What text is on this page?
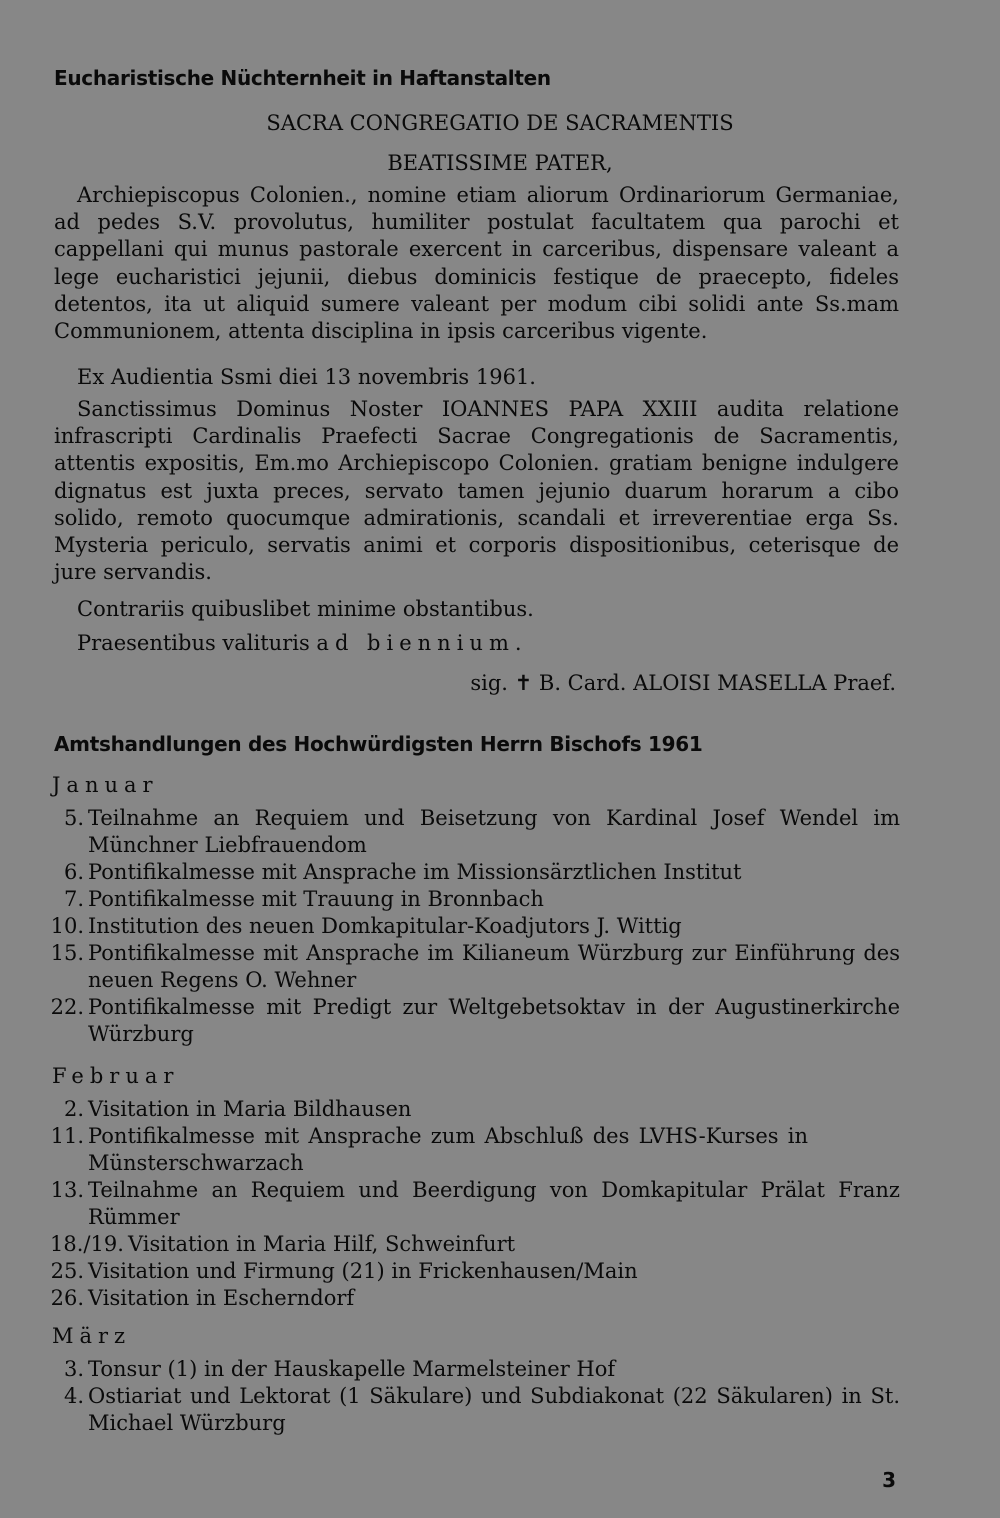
Eucharistische Nüchternheit in Haftanstalten
SACRA CONGREGATIO DE SACRAMENTIS
BEATISSIME PATER,
Archiepiscopus Colonien., nomine etiam aliorum Ordinariorum Germaniae, ad pedes S.V. provolutus, humiliter postulat facultatem qua parochi et cappellani qui munus pastorale exercent in carceribus, dispensare valeant a lege eucharistici jejunii, diebus dominicis festique de praecepto, fideles detentos, ita ut aliquid sumere valeant per modum cibi solidi ante Ss.mam Communionem, attenta disciplina in ipsis carceribus vigente.
Ex Audientia Ssmi diei 13 novembris 1961.
Sanctissimus Dominus Noster IOANNES PAPA XXIII audita relatione infrascripti Cardinalis Praefecti Sacrae Congregationis de Sacramentis, attentis expositis, Em.mo Archiepiscopo Colonien. gratiam benigne indulgere dignatus est juxta preces, servato tamen jejunio duarum horarum a cibo solido, remoto quocumque admirationis, scandali et irreverentiae erga Ss. Mysteria periculo, servatis animi et corporis dispositionibus, ceterisque de jure servandis.
Contrariis quibuslibet minime obstantibus.
Praesentibus valituris ad biennium.
sig. ✝ B. Card. ALOISI MASELLA Praef.
Amtshandlungen des Hochwürdigsten Herrn Bischofs 1961
Januar
5. Teilnahme an Requiem und Beisetzung von Kardinal Josef Wendel im Münchner Liebfrauendom
6. Pontifikalmesse mit Ansprache im Missionsärztlichen Institut
7. Pontifikalmesse mit Trauung in Bronnbach
10. Institution des neuen Domkapitular-Koadjutors J. Wittig
15. Pontifikalmesse mit Ansprache im Kilianeum Würzburg zur Einführung des neuen Regens O. Wehner
22. Pontifikalmesse mit Predigt zur Weltgebetsoktav in der Augustinerkirche Würzburg
Februar
2. Visitation in Maria Bildhausen
11. Pontifikalmesse mit Ansprache zum Abschluß des LVHS-Kurses in Münsterschwarzach
13. Teilnahme an Requiem und Beerdigung von Domkapitular Prälat Franz Rümmer
18./19. Visitation in Maria Hilf, Schweinfurt
25. Visitation und Firmung (21) in Frickenhausen/Main
26. Visitation in Escherndorf
März
3. Tonsur (1) in der Hauskapelle Marmelsteiner Hof
4. Ostiariat und Lektorat (1 Säkulare) und Subdiakonat (22 Säkularen) in St. Michael Würzburg
3
